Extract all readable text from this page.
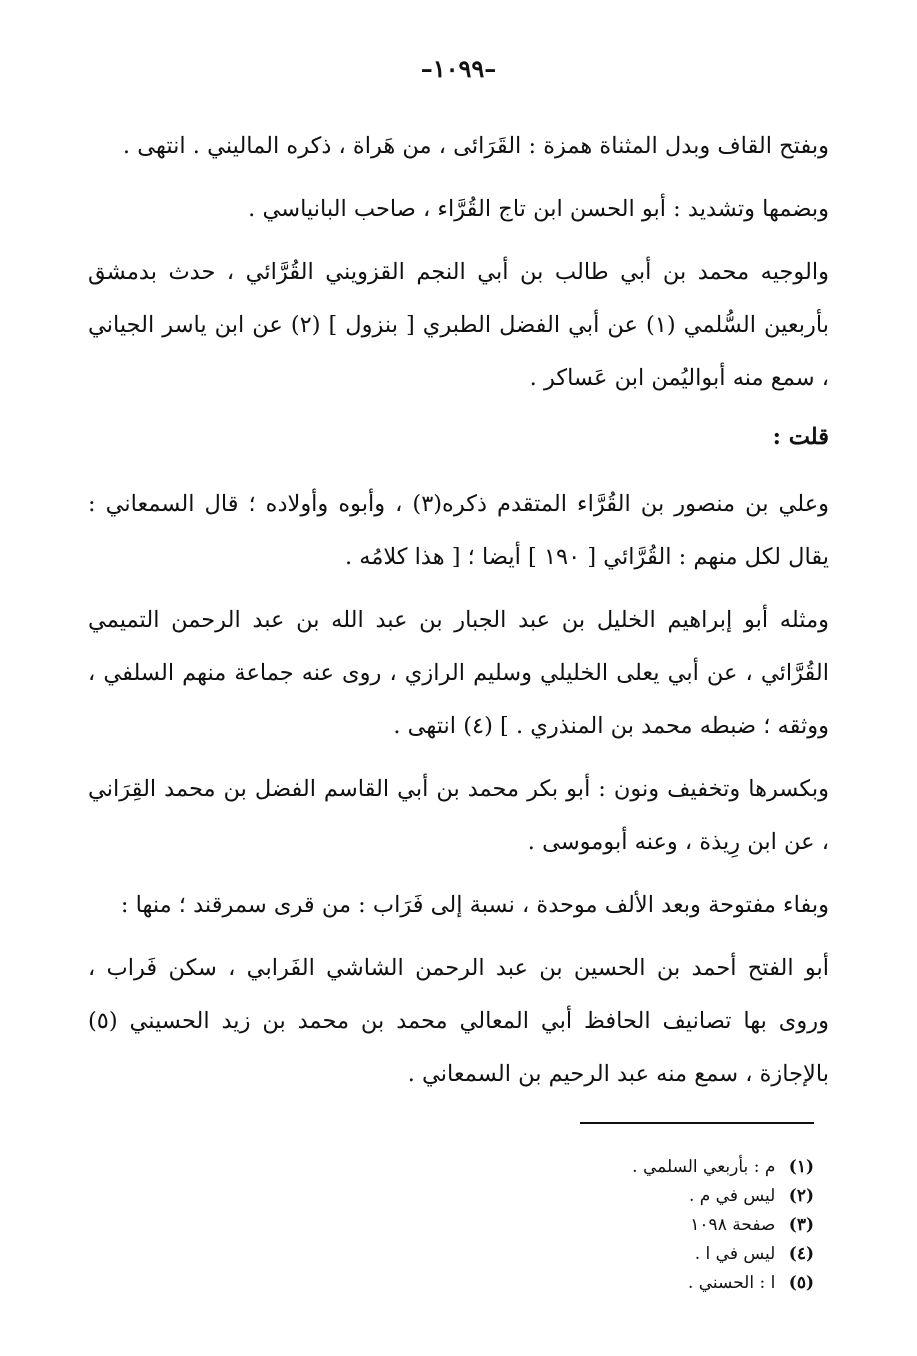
–١٠٩٩–

وبفتح القاف وبدل المثناة همزة : القَرَائى ، من هَراة ، ذكره الماليني . انتهى .

وبضمها وتشديد : أبو الحسن ابن تاج القُرَّاء ، صاحب البانياسي .

والوجيه محمد بن أبي طالب بن أبي النجم القزويني القُرَّائي ، حدث بدمشق بأربعين السُّلمي (١) عن أبي الفضل الطبري [ بنزول ] (٢) عن ابن ياسر الجياني ، سمع منه أبواليُمن ابن عَساكر .

قلت :

وعلي بن منصور بن القُرَّاء المتقدم ذكره(٣) ، وأبوه وأولاده ؛ قال السمعاني : يقال لكل منهم : القُرَّائي [ ١٩٠ ] أيضا ؛ [ هذا كلامُه .

ومثله أبو إبراهيم الخليل بن عبد الجبار بن عبد الله بن عبد الرحمن التميمي القُرَّائي ، عن أبي يعلى الخليلي وسليم الرازي ، روى عنه جماعة منهم السلفي ، ووثقه ؛ ضبطه محمد بن المنذري . ] (٤) انتهى .

وبكسرها وتخفيف ونون : أبو بكر محمد بن أبي القاسم الفضل بن محمد القِرَاني ، عن ابن رِيذة ، وعنه أبوموسى .

وبفاء مفتوحة وبعد الألف موحدة ، نسبة إلى فَرَاب : من قرى سمرقند ؛ منها :

أبو الفتح أحمد بن الحسين بن عبد الرحمن الشاشي الفَرابي ، سكن فَراب ، وروى بها تصانيف الحافظ أبي المعالي محمد بن محمد بن زيد الحسيني (٥) بالإجازة ، سمع منه عبد الرحيم بن السمعاني .

(١) م : بأربعي السلمي .
(٢) ليس في م .
(٣) صفحة ١٠٩٨
(٤) ليس في ا .
(٥) ا : الحسني .
